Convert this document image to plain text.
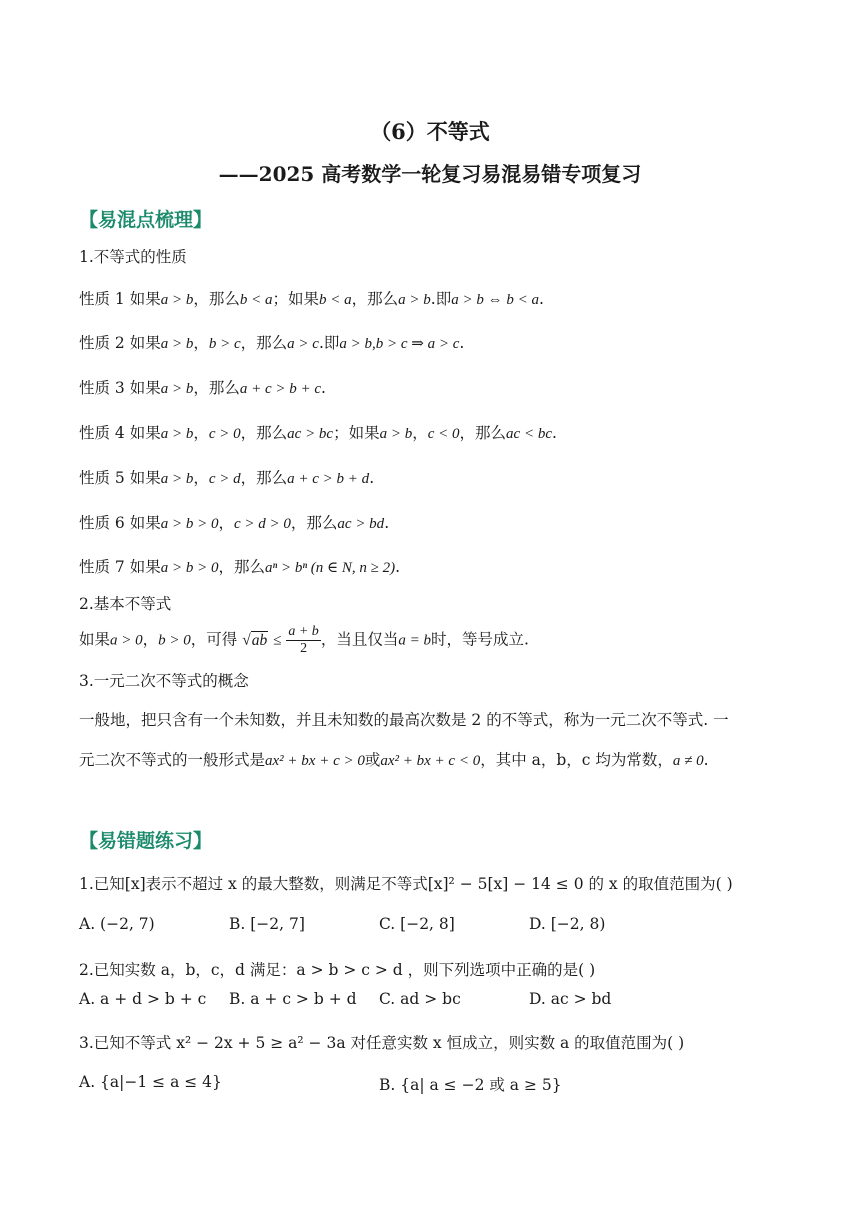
（6）不等式
——2025 高考数学一轮复习易混易错专项复习
【易混点梳理】
1.不等式的性质
性质 1 如果a > b，那么b < a；如果b < a，那么a > b.即a > b ⇔ b < a.
性质 2 如果a > b，b > c，那么a > c.即a > b,b > c ⇒ a > c.
性质 3 如果a > b，那么a + c > b + c.
性质 4 如果a > b，c > 0，那么ac > bc；如果a > b，c < 0，那么ac < bc.
性质 5 如果a > b，c > d，那么a + c > b + d.
性质 6 如果a > b > 0，c > d > 0，那么ac > bd.
性质 7 如果a > b > 0，那么aⁿ > bⁿ (n ∈ N, n ≥ 2).
2.基本不等式
如果a > 0，b > 0，可得 $√ab \le \frac{a + b}{2}$ ，当且仅当a = b时，等号成立.
3.一元二次不等式的概念
一般地，把只含有一个未知数，并且未知数的最高次数是 2 的不等式，称为一元二次不等式. 一
元二次不等式的一般形式是ax² + bx + c > 0或ax² + bx + c < 0，其中 a，b，c 均为常数，a ≠ 0.
【易错题练习】
1.已知[x]表示不超过 x 的最大整数，则满足不等式[x]² − 5[x] − 14 ≤ 0 的 x 的取值范围为( )
A. (−2, 7)	B. [−2, 7]	C. [−2, 8]	D. [−2, 8)
2.已知实数 a，b，c，d 满足：a > b > c > d ，则下列选项中正确的是( )
A. a + d > b + c B. a + c > b + d C. ad > bc	D. ac > bd
3.已知不等式 x² − 2x + 5 ≥ a² − 3a 对任意实数 x 恒成立，则实数 a 的取值范围为( )
A. {a|−1 ≤ a ≤ 4}	B. {a| a ≤ −2 或 a ≥ 5}
